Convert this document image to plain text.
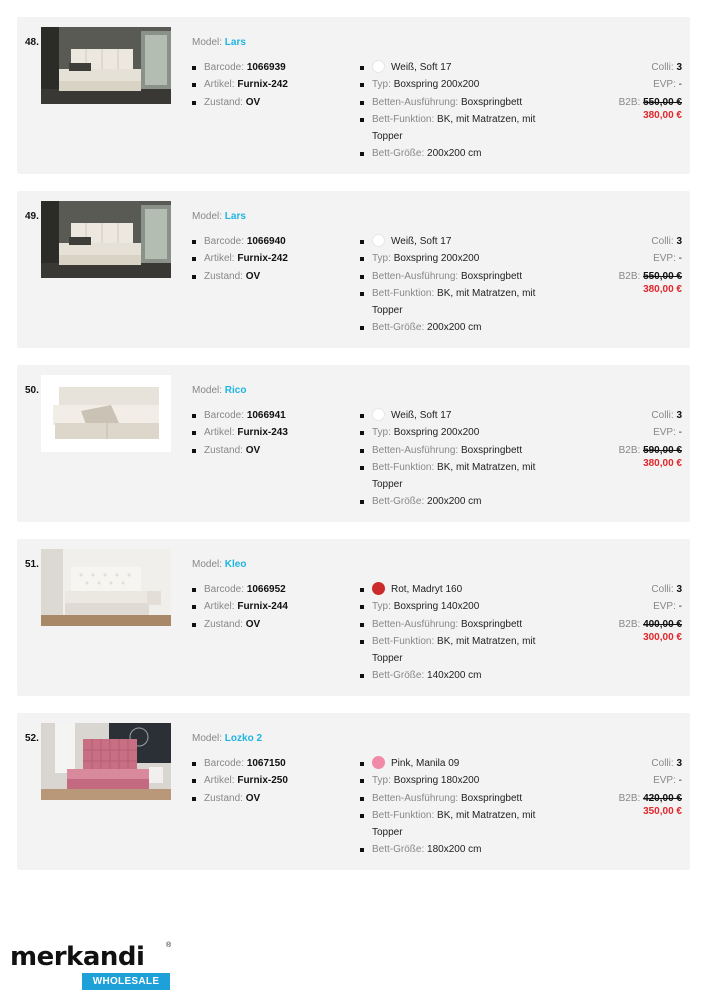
48.	Model: Lars
Barcode: 1066939
Artikel: Furnix-242
Zustand: OV
Weiß, Soft 17
Typ: Boxspring 200x200
Betten-Ausführung: Boxspringbett
Bett-Funktion: BK, mit Matratzen, mit
Topper
Bett-Größe: 200x200 cm
Colli: 3
EVP: -
B2B: 550,00 €
380,00 €
49.	Model: Lars
Barcode: 1066940
Artikel: Furnix-242
Zustand: OV
Weiß, Soft 17
Typ: Boxspring 200x200
Betten-Ausführung: Boxspringbett
Bett-Funktion: BK, mit Matratzen, mit
Topper
Bett-Größe: 200x200 cm
Colli: 3
EVP: -
B2B: 550,00 €
380,00 €
50.	Model: Rico
Barcode: 1066941
Artikel: Furnix-243
Zustand: OV
Weiß, Soft 17
Typ: Boxspring 200x200
Betten-Ausführung: Boxspringbett
Bett-Funktion: BK, mit Matratzen, mit
Topper
Bett-Größe: 200x200 cm
Colli: 3
EVP: -
B2B: 590,00 €
380,00 €
51.	Model: Kleo
Barcode: 1066952
Artikel: Furnix-244
Zustand: OV
Rot, Madryt 160
Typ: Boxspring 140x200
Betten-Ausführung: Boxspringbett
Bett-Funktion: BK, mit Matratzen, mit
Topper
Bett-Größe: 140x200 cm
Colli: 3
EVP: -
B2B: 400,00 €
300,00 €
52.	Model: Lozko 2
Barcode: 1067150
Artikel: Furnix-250
Zustand: OV
Pink, Manila 09
Typ: Boxspring 180x200
Betten-Ausführung: Boxspringbett
Bett-Funktion: BK, mit Matratzen, mit
Topper
Bett-Größe: 180x200 cm
Colli: 3
EVP: -
B2B: 420,00 €
350,00 €
merkandi	®
WHOLESALE
